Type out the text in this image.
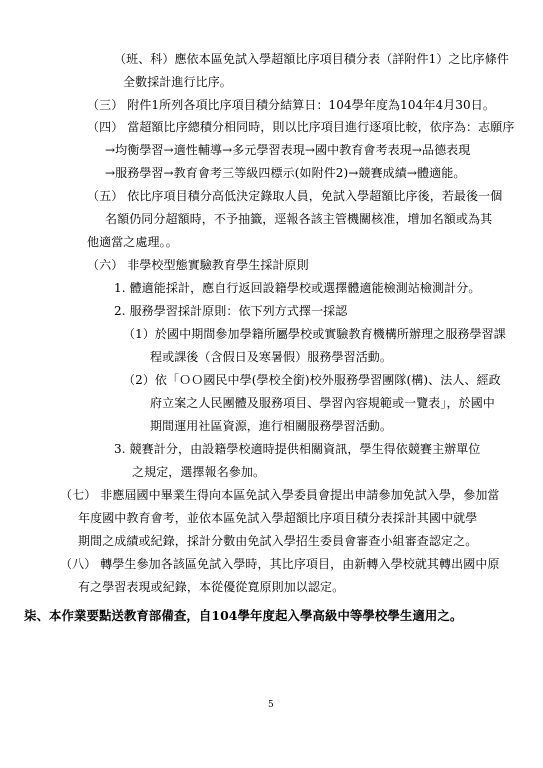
（班、科）應依本區免試入學超額比序項目積分表（詳附件1）之比序條件
全數採計進行比序。
（三） 附件1所列各項比序項目積分結算日：104學年度為104年4月30日。
（四） 當超額比序總積分相同時，則以比序項目進行逐項比較，依序為：志願序
→均衡學習→適性輔導→多元學習表現→國中教育會考表現→品德表現
→服務學習→教育會考三等級四標示(如附件2)→競賽成績→體適能。
（五） 依比序項目積分高低決定錄取人員，免試入學超額比序後，若最後一個
名額仍同分超額時，不予抽籤，逕報各該主管機關核准，增加名額或為其
他適當之處理。。
（六） 非學校型態實驗教育學生採計原則
1. 體適能採計，應自行返回設籍學校或選擇體適能檢測站檢測計分。
2. 服務學習採計原則：依下列方式擇一採認
（1）於國中期間參加學籍所屬學校或實驗教育機構所辦理之服務學習課
程或課後（含假日及寒暑假）服務學習活動。
（2）依「ＯＯ國民中學(學校全銜)校外服務學習團隊(構)、法人、經政
府立案之人民團體及服務項目、學習內容規範或一覽表」，於國中
期間運用社區資源，進行相關服務學習活動。
3. 競賽計分，由設籍學校適時提供相關資訊，學生得依競賽主辦單位
之規定，選擇報名參加。
（七） 非應屆國中畢業生得向本區免試入學委員會提出申請參加免試入學，參加當
年度國中教育會考，並依本區免試入學超額比序項目積分表採計其國中就學
期間之成績或紀錄，採計分數由免試入學招生委員會審查小組審查認定之。
（八） 轉學生參加各該區免試入學時，其比序項目，由新轉入學校就其轉出國中原
有之學習表現或紀錄，本從優從寬原則加以認定。
柒、本作業要點送教育部備查，自104學年度起入學高級中等學校學生適用之。
5
